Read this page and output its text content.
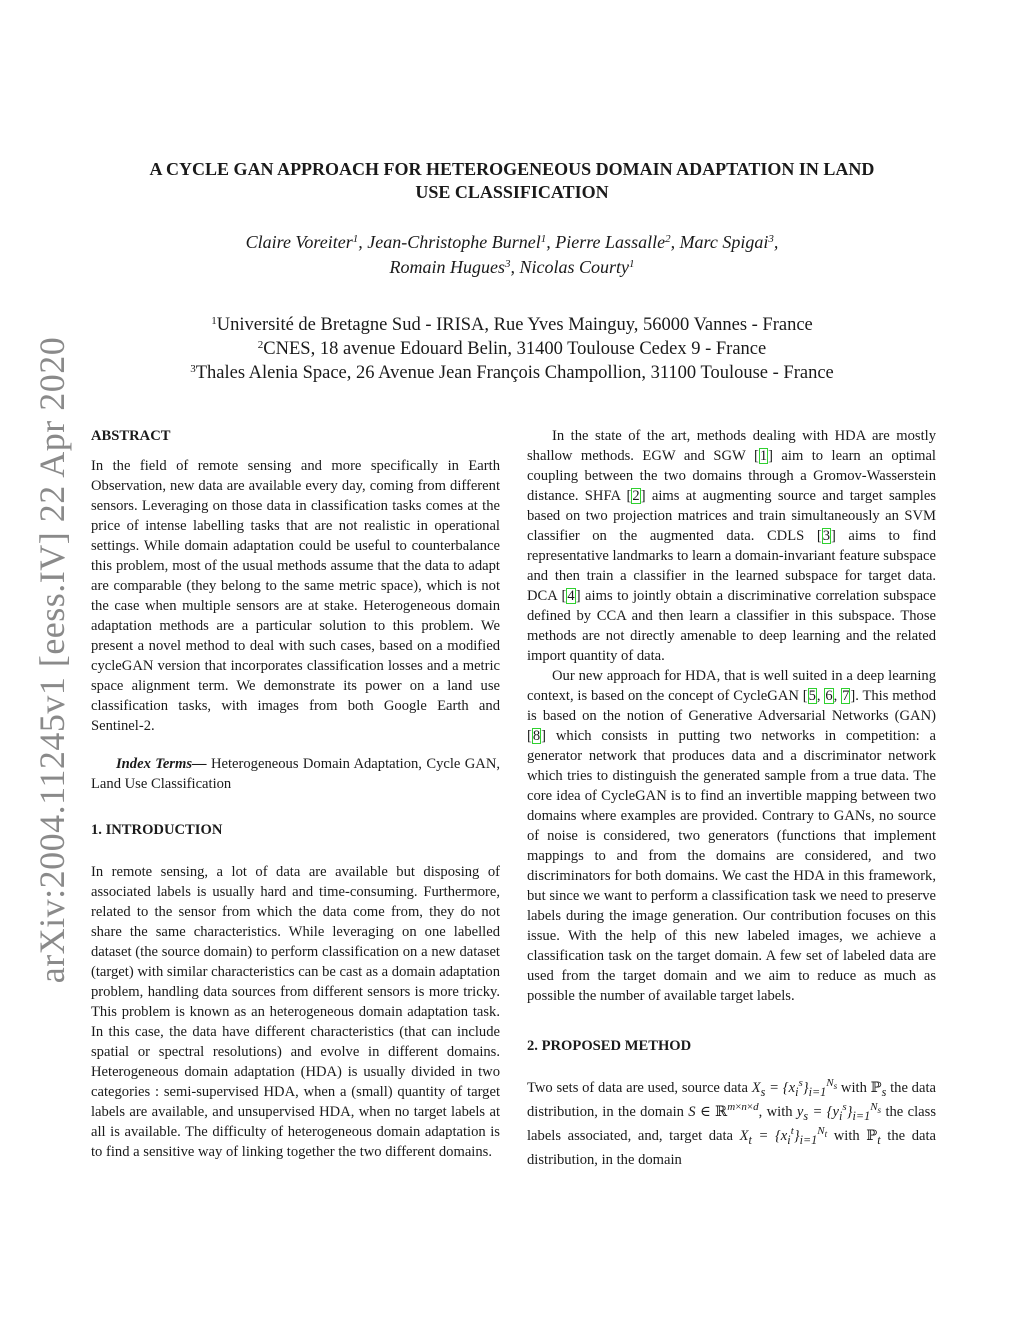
arXiv:2004.11245v1 [eess.IV] 22 Apr 2020
A CYCLE GAN APPROACH FOR HETEROGENEOUS DOMAIN ADAPTATION IN LAND
USE CLASSIFICATION
Claire Voreiter$^1$, Jean-Christophe Burnel$^1$, Pierre Lassalle$^2$, Marc Spigai$^3$,
Romain Hugues$^3$, Nicolas Courty$^1$
$^1$Université de Bretagne Sud - IRISA, Rue Yves Mainguy, 56000 Vannes - France
$^2$CNES, 18 avenue Edouard Belin, 31400 Toulouse Cedex 9 - France
$^3$Thales Alenia Space, 26 Avenue Jean François Champollion, 31100 Toulouse - France

ABSTRACT

In the field of remote sensing and more specifically in Earth Observation, new data are available every day, coming from different sensors. Leveraging on those data in classification tasks comes at the price of intense labelling tasks that are not realistic in operational settings. While domain adaptation could be useful to counterbalance this problem, most of the usual methods assume that the data to adapt are comparable (they belong to the same metric space), which is not the case when multiple sensors are at stake. Heterogeneous domain adaptation methods are a particular solution to this problem. We present a novel method to deal with such cases, based on a modified cycleGAN version that incorporates classification losses and a metric space alignment term. We demonstrate its power on a land use classification tasks, with images from both Google Earth and Sentinel-2.

Index Terms— Heterogeneous Domain Adaptation, Cycle GAN, Land Use Classification

1. INTRODUCTION

In remote sensing, a lot of data are available but disposing of associated labels is usually hard and time-consuming. Furthermore, related to the sensor from which the data come from, they do not share the same characteristics. While leveraging on one labelled dataset (the source domain) to perform classification on a new dataset (target) with similar characteristics can be cast as a domain adaptation problem, handling data sources from different sensors is more tricky. This problem is known as an heterogeneous domain adaptation task. In this case, the data have different characteristics (that can include spatial or spectral resolutions) and evolve in different domains. Heterogeneous domain adaptation (HDA) is usually divided in two categories : semi-supervised HDA, when a (small) quantity of target labels are available, and unsupervised HDA, when no target labels at all is available. The difficulty of heterogeneous domain adaptation is to find a sensitive way of linking together the two different domains.

In the state of the art, methods dealing with HDA are mostly shallow methods. EGW and SGW [1] aim to learn an optimal coupling between the two domains through a Gromov-Wasserstein distance. SHFA [2] aims at augmenting source and target samples based on two projection matrices and train simultaneously an SVM classifier on the augmented data. CDLS [3] aims to find representative landmarks to learn a domain-invariant feature subspace and then train a classifier in the learned subspace for target data. DCA [4] aims to jointly obtain a discriminative correlation subspace defined by CCA and then learn a classifier in this subspace. Those methods are not directly amenable to deep learning and the related import quantity of data.

Our new approach for HDA, that is well suited in a deep learning context, is based on the concept of CycleGAN [5, 6, 7]. This method is based on the notion of Generative Adversarial Networks (GAN) [8] which consists in putting two networks in competition: a generator network that produces data and a discriminator network which tries to distinguish the generated sample from a true data. The core idea of CycleGAN is to find an invertible mapping between two domains where examples are provided. Contrary to GANs, no source of noise is considered, two generators (functions that implement mappings to and from the domains are considered, and two discriminators for both domains. We cast the HDA in this framework, but since we want to perform a classification task we need to preserve labels during the image generation. Our contribution focuses on this issue. With the help of this new labeled images, we achieve a classification task on the target domain. A few set of labeled data are used from the target domain and we aim to reduce as much as possible the number of available target labels.

2. PROPOSED METHOD

Two sets of data are used, source data $X_s = \{x_i^s\}_{i=1}^{N_s}$ with ℙ$_s$ the data distribution, in the domain S ∈ ℝ$^{m\times n\times d}$, with $y_s = \{y_i^s\}_{i=1}^{N_s}$ the class labels associated, and, target data $X_t = \{x_i^t\}_{i=1}^{N_t}$ with ℙ$_t$ the data distribution, in the domain
